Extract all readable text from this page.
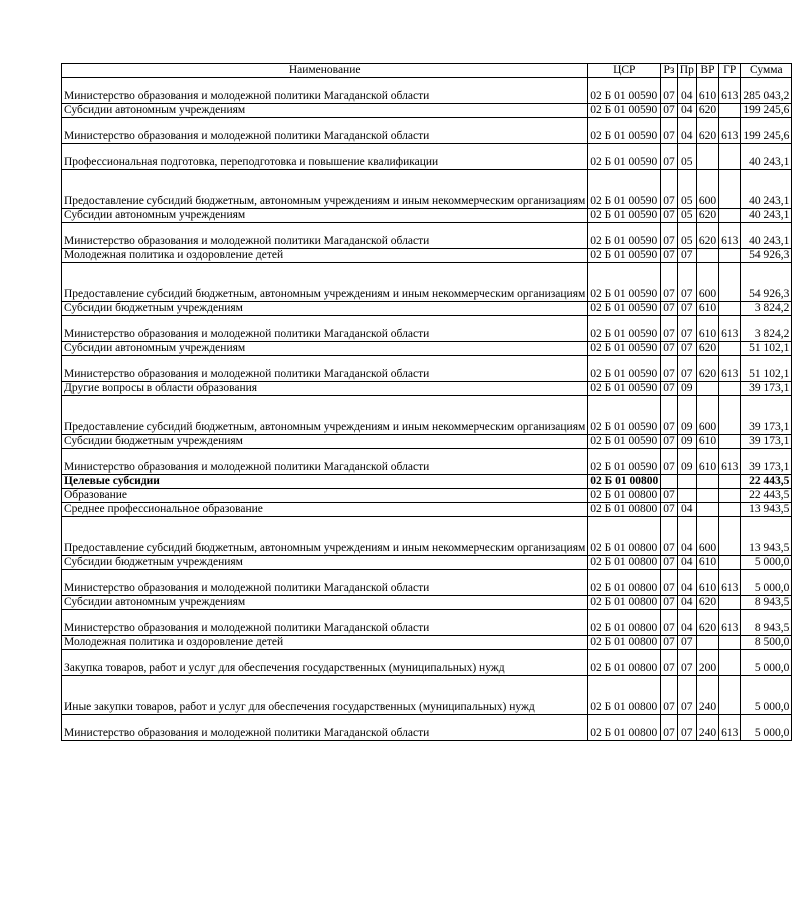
Наименование	ЦСР	Рз	Пр	ВР	ГР	Сумма
Министерство образования и молодежной политики Магаданской области	02 Б 01 00590	07	04	610	613	285 043,2
Субсидии автономным учреждениям	02 Б 01 00590	07	04	620		199 245,6
Министерство образования и молодежной политики Магаданской области	02 Б 01 00590	07	04	620	613	199 245,6
Профессиональная подготовка, переподготовка и повышение квалификации	02 Б 01 00590	07	05			40 243,1
Предоставление субсидий бюджетным, автономным учреждениям и иным некоммерческим организациям	02 Б 01 00590	07	05	600		40 243,1
Субсидии автономным учреждениям	02 Б 01 00590	07	05	620		40 243,1
Министерство образования и молодежной политики Магаданской области	02 Б 01 00590	07	05	620	613	40 243,1
Молодежная политика и оздоровление детей	02 Б 01 00590	07	07			54 926,3
Предоставление субсидий бюджетным, автономным учреждениям и иным некоммерческим организациям	02 Б 01 00590	07	07	600		54 926,3
Субсидии бюджетным учреждениям	02 Б 01 00590	07	07	610		3 824,2
Министерство образования и молодежной политики Магаданской области	02 Б 01 00590	07	07	610	613	3 824,2
Субсидии автономным учреждениям	02 Б 01 00590	07	07	620		51 102,1
Министерство образования и молодежной политики Магаданской области	02 Б 01 00590	07	07	620	613	51 102,1
Другие вопросы в области образования	02 Б 01 00590	07	09			39 173,1
Предоставление субсидий бюджетным, автономным учреждениям и иным некоммерческим организациям	02 Б 01 00590	07	09	600		39 173,1
Субсидии бюджетным учреждениям	02 Б 01 00590	07	09	610		39 173,1
Министерство образования и молодежной политики Магаданской области	02 Б 01 00590	07	09	610	613	39 173,1
Целевые субсидии	02 Б 01 00800					22 443,5
Образование	02 Б 01 00800	07				22 443,5
Среднее профессиональное образование	02 Б 01 00800	07	04			13 943,5
Предоставление субсидий бюджетным, автономным учреждениям и иным некоммерческим организациям	02 Б 01 00800	07	04	600		13 943,5
Субсидии бюджетным учреждениям	02 Б 01 00800	07	04	610		5 000,0
Министерство образования и молодежной политики Магаданской области	02 Б 01 00800	07	04	610	613	5 000,0
Субсидии автономным учреждениям	02 Б 01 00800	07	04	620		8 943,5
Министерство образования и молодежной политики Магаданской области	02 Б 01 00800	07	04	620	613	8 943,5
Молодежная политика и оздоровление детей	02 Б 01 00800	07	07			8 500,0
Закупка товаров, работ и услуг для обеспечения государственных (муниципальных) нужд	02 Б 01 00800	07	07	200		5 000,0
Иные закупки товаров, работ и услуг для обеспечения государственных (муниципальных) нужд	02 Б 01 00800	07	07	240		5 000,0
Министерство образования и молодежной политики Магаданской области	02 Б 01 00800	07	07	240	613	5 000,0
